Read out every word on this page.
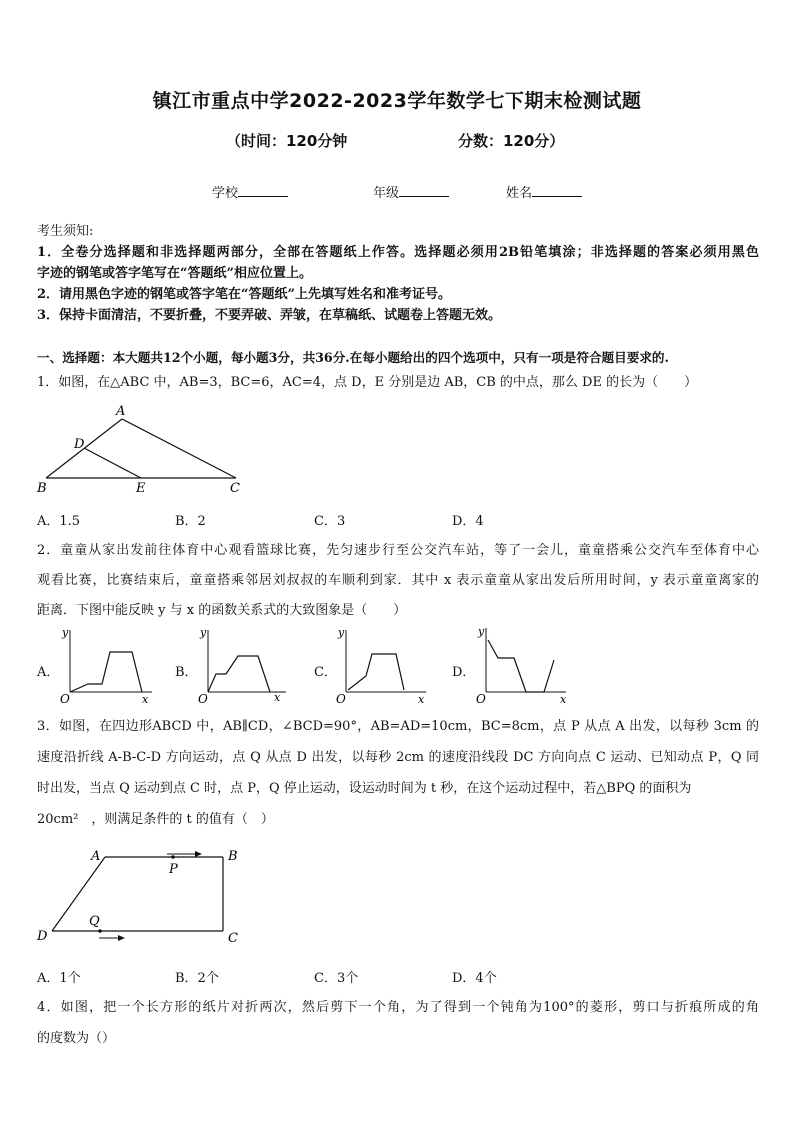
镇江市重点中学2022-2023学年数学七下期末检测试题
（时间：120分钟	分数：120分）
学校	年级	姓名
考生须知:
1．全卷分选择题和非选择题两部分，全部在答题纸上作答。选择题必须用2B铅笔填涂；非选择题的答案必须用黑色
字迹的钢笔或答字笔写在“答题纸”相应位置上。
2．请用黑色字迹的钢笔或答字笔在“答题纸”上先填写姓名和准考证号。
3．保持卡面清洁，不要折叠，不要弄破、弄皱，在草稿纸、试题卷上答题无效。
一、选择题：本大题共12个小题，每小题3分，共36分.在每小题给出的四个选项中，只有一项是符合题目要求的.
1．如图，在△ABC 中，AB=3，BC=6，AC=4，点 D，E 分别是边 AB，CB 的中点，那么 DE 的长为（　　）
A
D
B	E	C
A．1.5	B．2	C．3	D．4
2．童童从家出发前往体育中心观看篮球比赛，先匀速步行至公交汽车站，等了一会儿，童童搭乘公交汽车至体育中心
观看比赛，比赛结束后，童童搭乘邻居刘叔叔的车顺利到家．其中 x 表示童童从家出发后所用时间，y 表示童童离家的
距离．下图中能反映 y 与 x 的函数关系式的大致图象是（　　）
A．	B．	C．	D．
y
x
O
y
x
O
y
x
O
y
x
O
3．如图，在四边形ABCD 中，AB∥CD，∠BCD=90°，AB=AD=10cm，BC=8cm，点 P 从点 A 出发，以每秒 3cm 的
速度沿折线 A-B-C-D 方向运动，点 Q 从点 D 出发，以每秒 2cm 的速度沿线段 DC 方向向点 C 运动、已知动点 P，Q 同
时出发，当点 Q 运动到点 C 时，点 P，Q 停止运动，设运动时间为 t 秒，在这个运动过程中，若△BPQ 的面积为
20cm²　，则满足条件的 t 的值有（　）
A	B
C
D
P
Q
A．1个	B．2个	C．3个	D．4个
4．如图，把一个长方形的纸片对折两次，然后剪下一个角，为了得到一个钝角为100°的菱形，剪口与折痕所成的角
的度数为（）
